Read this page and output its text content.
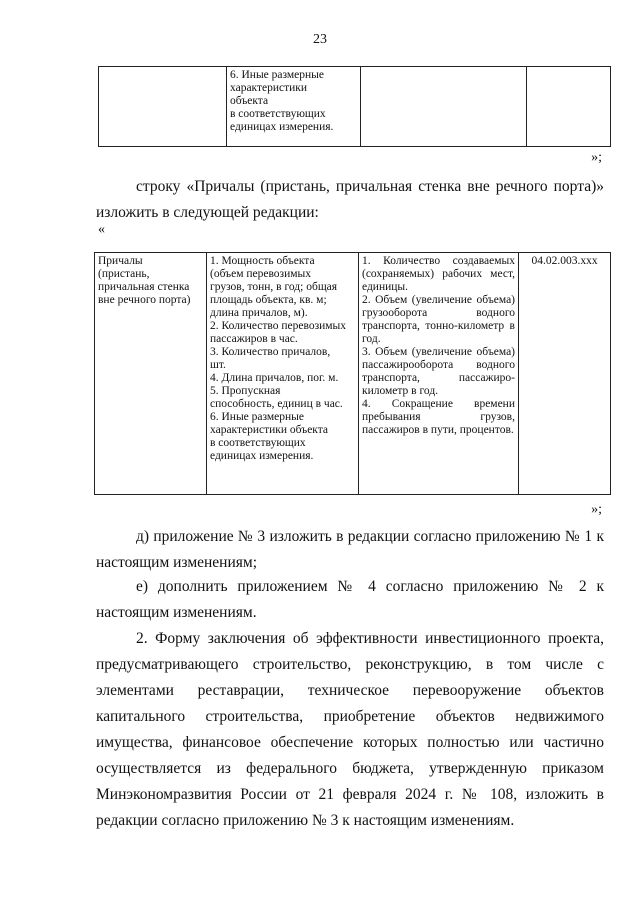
23
	6. Иные размерные
характеристики
объекта
в соответствующих
единицах измерения.		
»;
строку «Причалы (пристань, причальная стенка вне речного порта)» изложить в следующей редакции:
«
Причалы
(пристань,
причальная стенка
вне речного порта)	1. Мощность объекта
(объем перевозимых
грузов, тонн, в год; общая
площадь объекта, кв. м;
длина причалов, м).
2. Количество перевозимых
пассажиров в час.
3. Количество причалов,
шт.
4. Длина причалов, пог. м.
5. Пропускная
способность, единиц в час.
6. Иные размерные
характеристики объекта
в соответствующих
единицах измерения.	1. Количество создаваемых (сохраняемых) рабочих мест, единицы.
2. Объем (увеличение объема) грузооборота водного транспорта, тонно-километр в год.
3. Объем (увеличение объема) пассажирооборота водного транспорта, пассажиро-километр в год.
4. Сокращение времени пребывания грузов, пассажиров в пути, процентов.	04.02.003.ххх
»;
д) приложение № 3 изложить в редакции согласно приложению № 1 к настоящим изменениям;
е) дополнить приложением № 4 согласно приложению № 2 к настоящим изменениям.
2. Форму заключения об эффективности инвестиционного проекта, предусматривающего строительство, реконструкцию, в том числе с элементами реставрации, техническое перевооружение объектов капитального строительства, приобретение объектов недвижимого имущества, финансовое обеспечение которых полностью или частично осуществляется из федерального бюджета, утвержденную приказом Минэкономразвития России от 21 февраля 2024 г. № 108, изложить в редакции согласно приложению № 3 к настоящим изменениям.
